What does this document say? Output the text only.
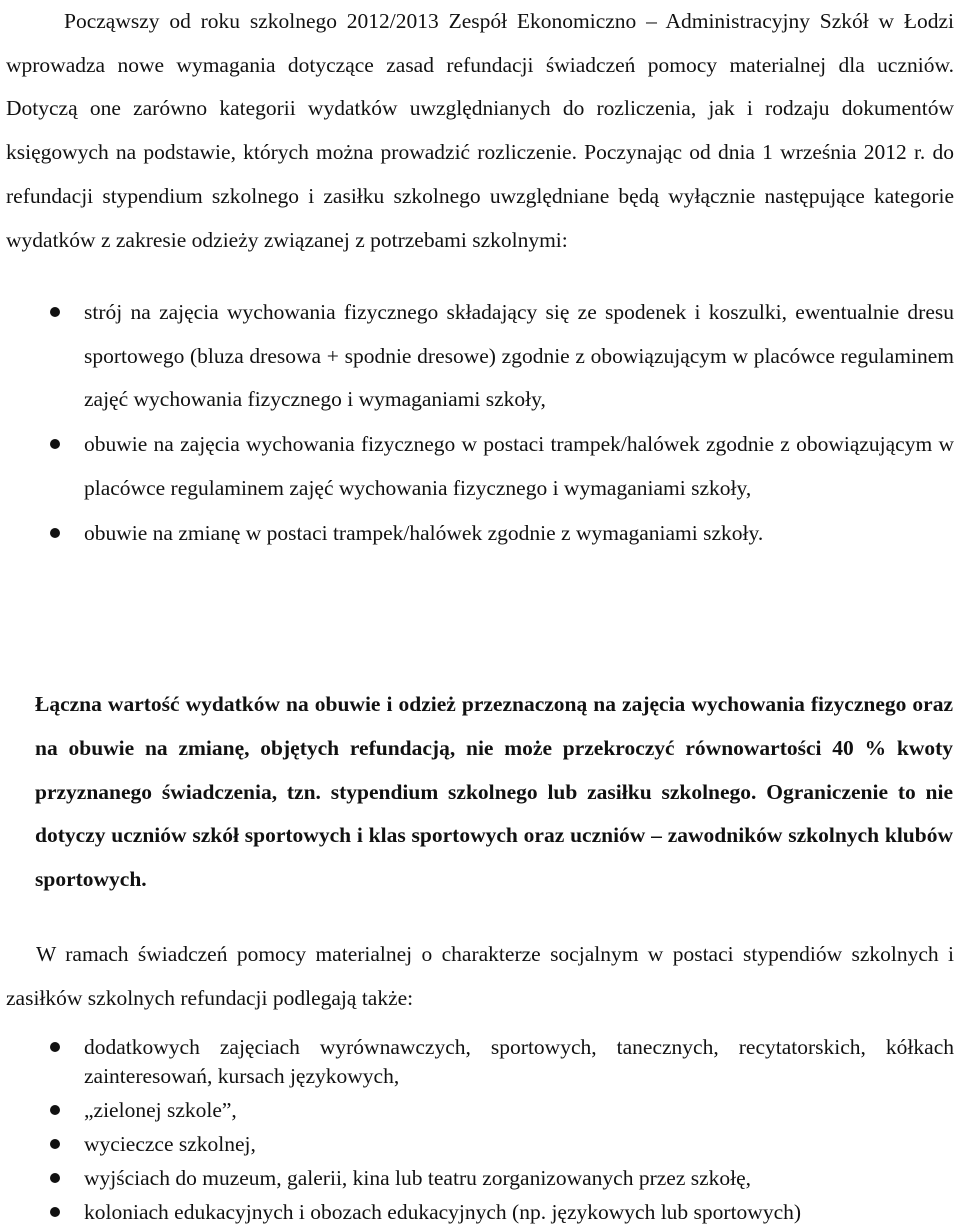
Począwszy od roku szkolnego 2012/2013 Zespół Ekonomiczno – Administracyjny Szkół w Łodzi wprowadza nowe wymagania dotyczące zasad refundacji świadczeń pomocy materialnej dla uczniów. Dotyczą one zarówno kategorii wydatków uwzględnianych do rozliczenia, jak i rodzaju dokumentów księgowych na podstawie, których można prowadzić rozliczenie. Poczynając od dnia 1 września 2012 r. do refundacji stypendium szkolnego i zasiłku szkolnego uwzględniane będą wyłącznie następujące kategorie wydatków z zakresie odzieży związanej z potrzebami szkolnymi:

strój na zajęcia wychowania fizycznego składający się ze spodenek i koszulki, ewentualnie dresu sportowego (bluza dresowa + spodnie dresowe) zgodnie z obowiązującym w placówce regulaminem zajęć wychowania fizycznego i wymaganiami szkoły,
obuwie na zajęcia wychowania fizycznego w postaci trampek/halówek zgodnie z obowiązującym w placówce regulaminem zajęć wychowania fizycznego i wymaganiami szkoły,
obuwie na zmianę w postaci trampek/halówek zgodnie z wymaganiami szkoły.

Łączna wartość wydatków na obuwie i odzież przeznaczoną na zajęcia wychowania fizycznego oraz na obuwie na zmianę, objętych refundacją, nie może przekroczyć równowartości 40 % kwoty przyznanego świadczenia, tzn. stypendium szkolnego lub zasiłku szkolnego. Ograniczenie to nie dotyczy uczniów szkół sportowych i klas sportowych oraz uczniów – zawodników szkolnych klubów sportowych.

W ramach świadczeń pomocy materialnej o charakterze socjalnym w postaci stypendiów szkolnych i zasiłków szkolnych refundacji podlegają także:

dodatkowych zajęciach wyrównawczych, sportowych, tanecznych, recytatorskich, kółkach zainteresowań, kursach językowych,
„zielonej szkole”,
wycieczce szkolnej,
wyjściach do muzeum, galerii, kina lub teatru zorganizowanych przez szkołę,
koloniach edukacyjnych i obozach edukacyjnych (np. językowych lub sportowych)
